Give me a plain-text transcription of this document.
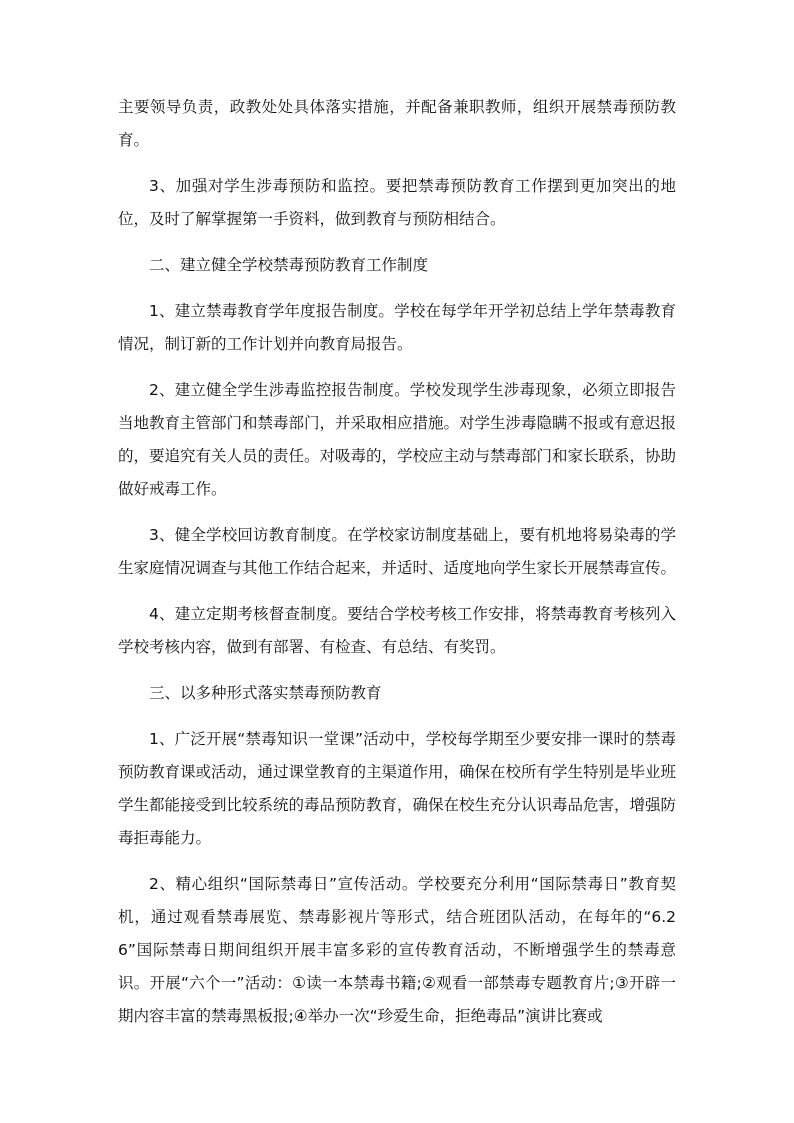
主要领导负责，政教处处具体落实措施，并配备兼职教师，组织开展禁毒预防教育。

3、加强对学生涉毒预防和监控。要把禁毒预防教育工作摆到更加突出的地位，及时了解掌握第一手资料，做到教育与预防相结合。

二、建立健全学校禁毒预防教育工作制度

1、建立禁毒教育学年度报告制度。学校在每学年开学初总结上学年禁毒教育情况，制订新的工作计划并向教育局报告。

2、建立健全学生涉毒监控报告制度。学校发现学生涉毒现象，必须立即报告当地教育主管部门和禁毒部门，并采取相应措施。对学生涉毒隐瞒不报或有意迟报的，要追究有关人员的责任。对吸毒的，学校应主动与禁毒部门和家长联系，协助做好戒毒工作。

3、健全学校回访教育制度。在学校家访制度基础上，要有机地将易染毒的学生家庭情况调查与其他工作结合起来，并适时、适度地向学生家长开展禁毒宣传。

4、建立定期考核督查制度。要结合学校考核工作安排，将禁毒教育考核列入学校考核内容，做到有部署、有检查、有总结、有奖罚。

三、以多种形式落实禁毒预防教育

1、广泛开展“禁毒知识一堂课”活动中，学校每学期至少要安排一课时的禁毒预防教育课或活动，通过课堂教育的主渠道作用，确保在校所有学生特别是毕业班学生都能接受到比较系统的毒品预防教育，确保在校生充分认识毒品危害，增强防毒拒毒能力。

2、精心组织“国际禁毒日”宣传活动。学校要充分利用“国际禁毒日”教育契机，通过观看禁毒展览、禁毒影视片等形式，结合班团队活动，在每年的“6.26”国际禁毒日期间组织开展丰富多彩的宣传教育活动，不断增强学生的禁毒意识。开展“六个一”活动：①读一本禁毒书籍;②观看一部禁毒专题教育片;③开辟一期内容丰富的禁毒黑板报;④举办一次“珍爱生命，拒绝毒品”演讲比赛或
